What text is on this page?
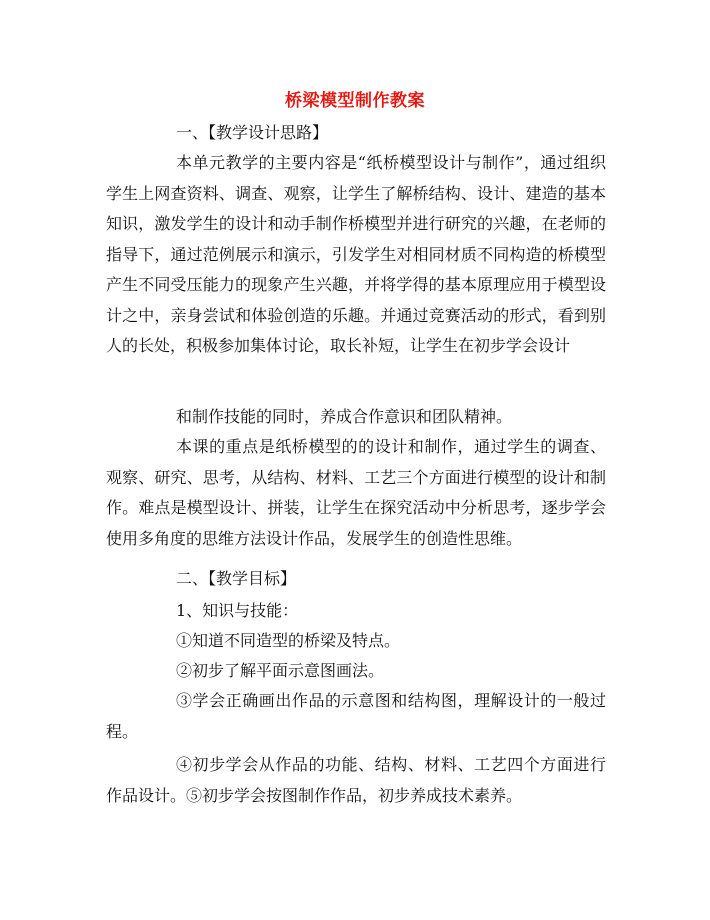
桥梁模型制作教案

一、【教学设计思路】

本单元教学的主要内容是“纸桥模型设计与制作”，通过组织学生上网查资料、调查、观察，让学生了解桥结构、设计、建造的基本知识，激发学生的设计和动手制作桥模型并进行研究的兴趣，在老师的指导下，通过范例展示和演示，引发学生对相同材质不同构造的桥模型产生不同受压能力的现象产生兴趣，并将学得的基本原理应用于模型设计之中，亲身尝试和体验创造的乐趣。并通过竞赛活动的形式，看到别人的长处，积极参加集体讨论，取长补短，让学生在初步学会设计

和制作技能的同时，养成合作意识和团队精神。

本课的重点是纸桥模型的的设计和制作，通过学生的调查、观察、研究、思考，从结构、材料、工艺三个方面进行模型的设计和制作。难点是模型设计、拼装，让学生在探究活动中分析思考，逐步学会使用多角度的思维方法设计作品，发展学生的创造性思维。

二、【教学目标】

1、知识与技能：

①知道不同造型的桥梁及特点。

②初步了解平面示意图画法。

③学会正确画出作品的示意图和结构图，理解设计的一般过程。

④初步学会从作品的功能、结构、材料、工艺四个方面进行作品设计。⑤初步学会按图制作作品，初步养成技术素养。
